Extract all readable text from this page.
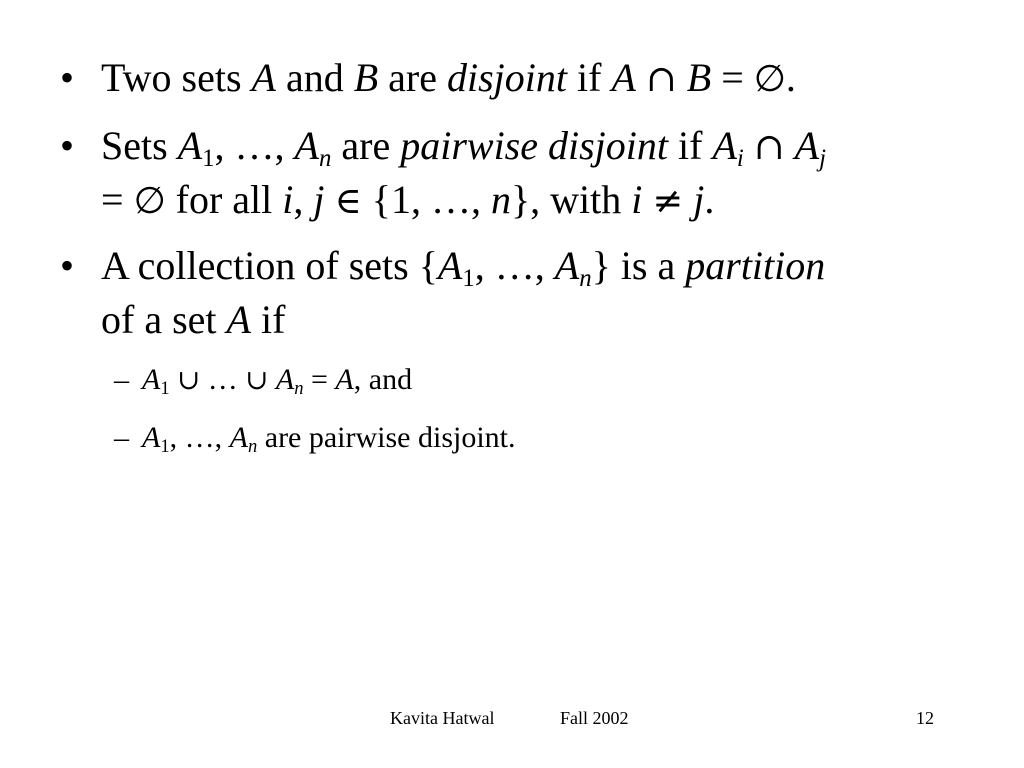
• Two sets A and B are disjoint if A ∩ B = ∅.
• Sets $A_1$, …, $A_n$ are pairwise disjoint if $A_i$ ∩ $A_j$
= ∅ for all i, j ∈ {1, …, n}, with i ≠ j.
• A collection of sets {$A_1$, …, $A_n$} is a partition
of a set A if
– $A_1$ ∪ … ∪ $A_n = A$, and
– $A_1$, …, $A_n$ are pairwise disjoint.
Kavita Hatwal	Fall 2002	12
